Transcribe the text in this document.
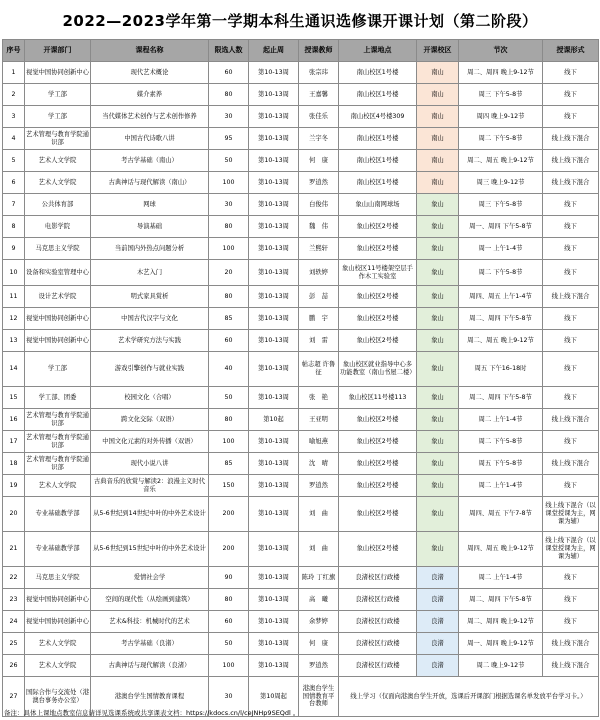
2022—2023学年第一学期本科生通识选修课开课计划（第二阶段）
序号	开课部门	课程名称	限选人数	起止周	授课教师	上课地点	开课校区	节次	授课形式
1	视觉中国协同创新中心	现代艺术概论	60	第10-13周	张宗玮	南山校区1号楼	南山	周二、周四 晚上9-12节	线下
2	学工部	媒介素养	80	第10-13周	王嘉馨	南山校区1号楼	南山	周三 下午5-8节	线下
3	学工部	当代媒体艺术创作与艺术创作修养	30	第10-13周	张佳乐	南山校区4号楼309	南山	周四 晚上9-12节	线下
4	艺术管理与教育学院通识部	中国古代诗歌八讲	95	第10-13周	兰宇冬	南山校区1号楼	南山	周二 下午5-8节	线上线下混合
5	艺术人文学院	考古学基础（南山）	50	第10-13周	何　康	南山校区1号楼	南山	周二、周五 晚上9-12节	线上线下混合
6	艺术人文学院	古典神话与现代解读（南山）	100	第10-13周	罗逍然	南山校区1号楼	南山	周三 晚上9-12节	线上线下混合
7	公共体育部	网球	30	第10-13周	白俊伟	象山山南网球场	象山	周三 下午5-8节	线下
8	电影学院	导演基础	80	第10-13周	魏　伟	象山校区2号楼	象山	周一、周四 下午5-8节	线下
9	马克思主义学院	当前国内外热点问题分析	100	第10-13周	兰熙轩	象山校区2号楼	象山	周一 上午1-4节	线下
10	设备和实验室管理中心	木艺入门	20	第10-13周	刘轶婷	象山校区11号楼架空层手作木工实验室	象山	周二 下午5-8节	线下
11	设计艺术学院	明式家具赏析	80	第10-13周	彭　喆	象山校区2号楼	象山	周四、周五 上午1-4节	线上线下混合
12	视觉中国协同创新中心	中国古代汉字与文化	85	第10-13周	鹏　宇	象山校区2号楼	象山	周二、周四 下午5-8节	线下
13	视觉中国协同创新中心	艺术学研究方法与实践	60	第10-13周	刘　雷	象山校区2号楼	象山	周二、周五 晚上9-12节	线下
14	学工部	游戏引擎创作与就业实践	40	第10-13周	帖志超 许鲁征	象山校区就业指导中心多功能教室（南山书屋二楼）	象山	周五 下午16-18时	线下
15	学工部、团委	校园文化（合唱）	50	第10-13周	张　艳	象山校区11号楼113	象山	周二、周四 下午5-8节	线下
16	艺术管理与教育学院通识部	跨文化交际（双语）	80	第10起	王亚明	象山校区2号楼	象山	周二 上午1-4节	线上线下混合
17	艺术管理与教育学院通识部	中国文化元素的对外传播（双语）	100	第10-13周	喻旭燕	象山校区2号楼	象山	周二 下午5-8节	线下
18	艺术管理与教育学院通识部	现代小说八讲	85	第10-13周	沈　晴	象山校区2号楼	象山	周五 下午5-8节	线上线下混合
19	艺术人文学院	古典音乐的欣赏与解读2：浪漫主义时代音乐	150	第10-13周	罗逍然	象山校区2号楼	象山	周二 上午1-4节	线下
20	专业基础教学部	从5-6世纪到14世纪中叶的中外艺术设计	200	第10-13周	刘　曲	象山校区2号楼	象山	周四、周五 下午7-8节	线上线下混合（以课堂授课为主，网课为辅）
21	专业基础教学部	从5-6世纪到15世纪中叶的中外艺术设计	200	第10-13周	刘　曲	象山校区2号楼	象山	周四、周五 晚上9-12节	线上线下混合（以课堂授课为主，网课为辅）
22	马克思主义学院	爱情社会学	90	第10-13周	陈玲 丁红旗	良渚校区行政楼	良渚	周二 上午1-4节	线下
23	视觉中国协同创新中心	空间的现代性（从绘画到建筑）	80	第10-13周	高　曦	良渚校区行政楼	良渚	周二、周四 下午5-8节	线下
24	视觉中国协同创新中心	艺术&科技：机械时代的艺术	60	第10-13周	余梦婷	良渚校区行政楼	良渚	周二、周四 晚上9-12节	线下
25	艺术人文学院	考古学基础（良渚）	50	第10-13周	何　康	良渚校区行政楼	良渚	周一、周四 晚上9-12节	线上线下混合
26	艺术人文学院	古典神话与现代解读（良渚）	100	第10-13周	罗逍然	良渚校区行政楼	良渚	周二 晚上9-12节	线上线下混合
27	国际合作与交流处（港澳台事务办公室）	港澳台学生国情教育课程	30	第10周起	港澳台学生国情教育平台教师	线上学习（仅面向港澳台学生开放，选课后开课部门根据选课名单发放平台学习卡。）			
备注：具体上课地点教室信息请详见选课系统或共享课表文档：https://kdocs.cn/l/ceJNHp9SEQdl 。
